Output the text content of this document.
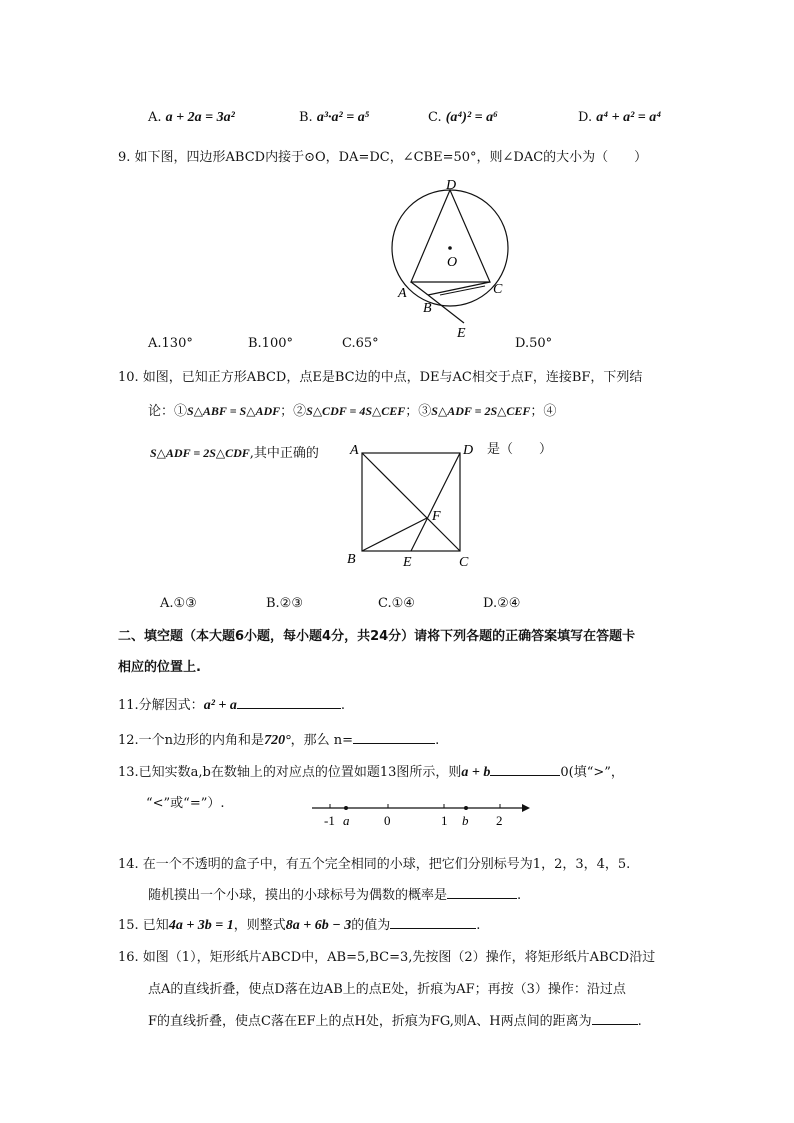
A. a + 2a = 3a²	B. a³·a² = a⁵	C. (a⁴)² = a⁶	D. a⁴ + a² = a⁴
9. 如下图，四边形ABCD内接于⊙O，DA=DC，∠CBE=50°，则∠DAC的大小为（　　）
D
O
A
B
C
E
A.130°	B.100°	C.65°	D.50°
10. 如图，已知正方形ABCD，点E是BC边的中点，DE与AC相交于点F，连接BF，下列结
论：①S△ABF = S△ADF；②S△CDF = 4S△CEF；③S△ADF = 2S△CEF；④
S△ADF = 2S△CDF,其中正确的	是（　　）
A	D
F
B	E	C
A.①③	B.②③	C.①④	D.②④
二、填空题（本大题6小题，每小题4分，共24分）请将下列各题的正确答案填写在答题卡
相应的位置上.
11.分解因式：a² + a	.
12.一个n边形的内角和是720°，那么 n=	.
13.已知实数a,b在数轴上的对应点的位置如题13图所示，则a + b	0(填“>”，
“<”或“=”）.
-1 a	0	1 b 2
14. 在一个不透明的盒子中，有五个完全相同的小球，把它们分别标号为1，2，3，4，5.
随机摸出一个小球，摸出的小球标号为偶数的概率是	.
15. 已知4a + 3b = 1，则整式8a + 6b − 3的值为	.
16. 如图（1），矩形纸片ABCD中，AB=5,BC=3,先按图（2）操作，将矩形纸片ABCD沿过
点A的直线折叠，使点D落在边AB上的点E处，折痕为AF；再按（3）操作：沿过点
F的直线折叠，使点C落在EF上的点H处，折痕为FG,则A、H两点间的距离为	.
